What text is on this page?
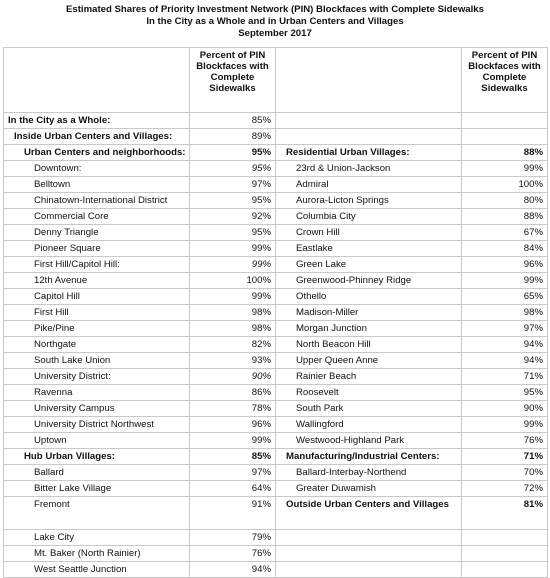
Estimated Shares of Priority Investment Network (PIN) Blockfaces with Complete Sidewalks
In the City as a Whole and in Urban Centers and Villages
September 2017
	Percent of PIN Blockfaces with Complete Sidewalks		Percent of PIN Blockfaces with Complete Sidewalks
In the City as a Whole:	85%		
Inside Urban Centers and Villages:	89%		
Urban Centers and neighborhoods:	95%	Residential Urban Villages:	88%
Downtown:	95%	23rd & Union-Jackson	99%
Belltown	97%	Admiral	100%
Chinatown-International District	95%	Aurora-Licton Springs	80%
Commercial Core	92%	Columbia City	88%
Denny Triangle	95%	Crown Hill	67%
Pioneer Square	99%	Eastlake	84%
First Hill/Capitol Hill:	99%	Green Lake	96%
12th Avenue	100%	Greenwood-Phinney Ridge	99%
Capitol Hill	99%	Othello	65%
First Hill	98%	Madison-Miller	98%
Pike/Pine	98%	Morgan Junction	97%
Northgate	82%	North Beacon Hill	94%
South Lake Union	93%	Upper Queen Anne	94%
University District:	90%	Rainier Beach	71%
Ravenna	86%	Roosevelt	95%
University Campus	78%	South Park	90%
University District Northwest	96%	Wallingford	99%
Uptown	99%	Westwood-Highland Park	76%
Hub Urban Villages:	85%	Manufacturing/Industrial Centers:	71%
Ballard	97%	Ballard-Interbay-Northend	70%
Bitter Lake Village	64%	Greater Duwamish	72%
Fremont	91%	Outside Urban Centers and Villages	81%
Lake City	79%		
Mt. Baker (North Rainier)	76%		
West Seattle Junction	94%		
